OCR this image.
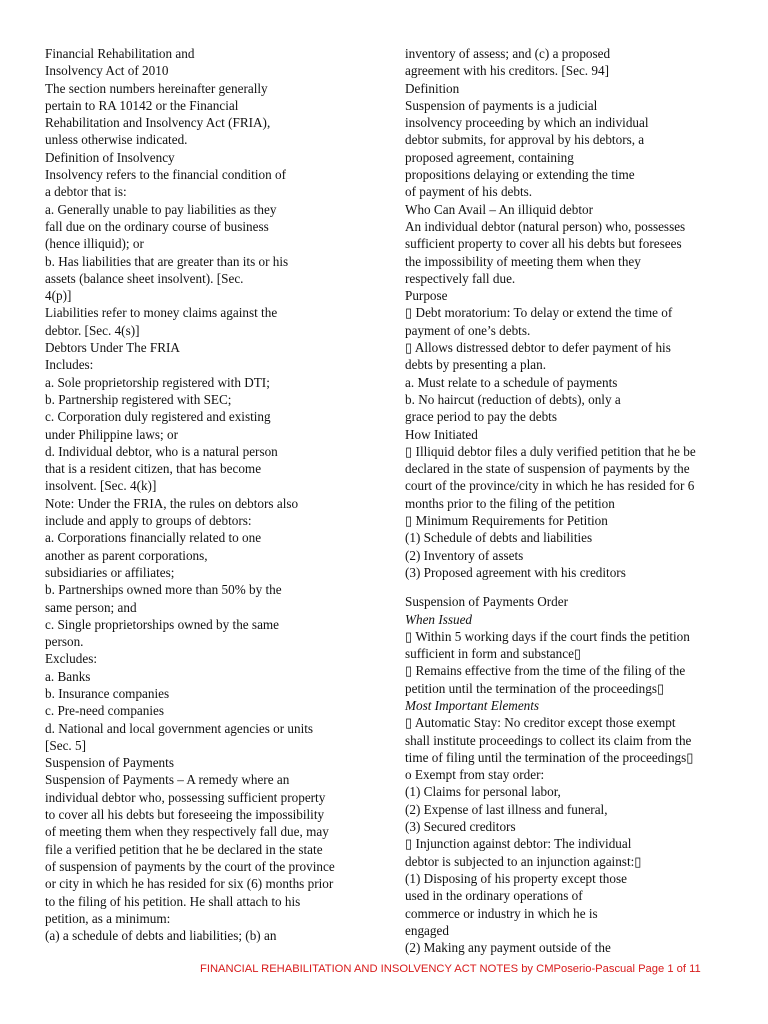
Financial Rehabilitation and
Insolvency Act of 2010
The section numbers hereinafter generally
pertain to RA 10142 or the Financial
Rehabilitation and Insolvency Act (FRIA),
unless otherwise indicated.
Definition of Insolvency
Insolvency refers to the financial condition of
a debtor that is:
a. Generally unable to pay liabilities as they
fall due on the ordinary course of business
(hence illiquid); or
b. Has liabilities that are greater than its or his
assets (balance sheet insolvent). [Sec.
4(p)]
Liabilities refer to money claims against the
debtor. [Sec. 4(s)]
Debtors Under The FRIA
Includes:
a. Sole proprietorship registered with DTI;
b. Partnership registered with SEC;
c. Corporation duly registered and existing
under Philippine laws; or
d. Individual debtor, who is a natural person
that is a resident citizen, that has become
insolvent. [Sec. 4(k)]
Note: Under the FRIA, the rules on debtors also
include and apply to groups of debtors:
a. Corporations financially related to one
another as parent corporations,
subsidiaries or affiliates;
b. Partnerships owned more than 50% by the
same person; and
c. Single proprietorships owned by the same
person.
Excludes:
a. Banks
b. Insurance companies
c. Pre-need companies
d. National and local government agencies or units
[Sec. 5]
Suspension of Payments
Suspension of Payments – A remedy where an
individual debtor who, possessing sufficient property
to cover all his debts but foreseeing the impossibility
of meeting them when they respectively fall due, may
file a verified petition that he be declared in the state
of suspension of payments by the court of the province
or city in which he has resided for six (6) months prior
to the filing of his petition. He shall attach to his
petition, as a minimum:
(a) a schedule of debts and liabilities; (b) an
inventory of assess; and (c) a proposed
agreement with his creditors. [Sec. 94]
Definition
Suspension of payments is a judicial
insolvency proceeding by which an individual
debtor submits, for approval by his debtors, a
proposed agreement, containing
propositions delaying or extending the time
of payment of his debts.
Who Can Avail – An illiquid debtor
An individual debtor (natural person) who, possesses
sufficient property to cover all his debts but foresees
the impossibility of meeting them when they
respectively fall due.
Purpose
▯ Debt moratorium: To delay or extend the time of
payment of one’s debts.
▯ Allows distressed debtor to defer payment of his
debts by presenting a plan.
a. Must relate to a schedule of payments
b. No haircut (reduction of debts), only a
grace period to pay the debts
How Initiated
▯ Illiquid debtor files a duly verified petition that he be
declared in the state of suspension of payments by the
court of the province/city in which he has resided for 6
months prior to the filing of the petition
▯ Minimum Requirements for Petition
(1) Schedule of debts and liabilities
(2) Inventory of assets
(3) Proposed agreement with his creditors
Suspension of Payments Order
When Issued
▯ Within 5 working days if the court finds the petition
sufficient in form and substance▯
▯ Remains effective from the time of the filing of the
petition until the termination of the proceedings▯
Most Important Elements
▯ Automatic Stay: No creditor except those exempt
shall institute proceedings to collect its claim from the
time of filing until the termination of the proceedings▯
o Exempt from stay order:
(1) Claims for personal labor,
(2) Expense of last illness and funeral,
(3) Secured creditors
▯ Injunction against debtor: The individual
debtor is subjected to an injunction against:▯
(1) Disposing of his property except those
used in the ordinary operations of
commerce or industry in which he is
engaged
(2) Making any payment outside of the
FINANCIAL REHABILITATION AND INSOLVENCY ACT NOTES by CMPoserio-Pascual Page 1 of 11
